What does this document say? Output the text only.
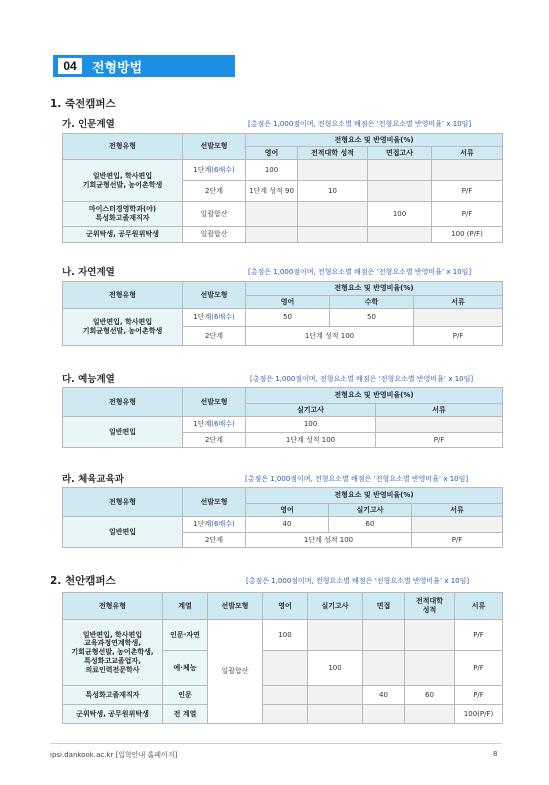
04	전형방법
1. 죽전캠퍼스
가. 인문계열	[총점은 1,000점이며, 전형요소별 배점은 ‘전형요소별 반영비율’ x 10임]
전형유형	선발모형	전형요소 및 반영비율(%)			
		영어	전적대학 성적	면접고사	서류
일반편입, 학사편입
기회균형선발, 농어촌학생	1단계(6배수)	100			
	2단계	1단계 성적 90	10		P/F
마이스터경영학과(야)
특성화고졸재직자	일괄합산			100	P/F
군위탁생, 공무원위탁생	일괄합산				100 (P/F)
나. 자연계열	[총점은 1,000점이며, 전형요소별 배점은 ‘전형요소별 반영비율’ x 10임]
전형유형	선발모형	전형요소 및 반영비율(%)		
		영어	수학	서류
일반편입, 학사편입
기회균형선발, 농어촌학생	1단계(6배수)	50	50	
	2단계	1단계 성적 100		P/F
다. 예능계열	[총점은 1,000점이며, 전형요소별 배점은 ‘전형요소별 반영비율’ x 10임]
전형유형	선발모형	전형요소 및 반영비율(%)	
		실기고사	서류
일반편입	1단계(6배수)	100	
	2단계	1단계 성적 100	P/F
라. 체육교육과	[총점은 1,000점이며, 전형요소별 배점은 ‘전형요소별 반영비율’ x 10임]
전형유형	선발모형	전형요소 및 반영비율(%)		
		영어	실기고사	서류
일반편입	1단계(6배수)	40	60	
	2단계	1단계 성적 100		P/F
2. 천안캠퍼스	[총점은 1,000점이며, 전형요소별 배점은 ‘전형요소별 반영비율’ x 10임]
전형유형	계열	선발모형	영어	실기고사	면접	전적대학
성적	서류
일반편입, 학사편입
교육과정연계학생,
기회균형선발, 농어촌학생,
특성화고교졸업자,
의료인력전문학사	인문·자연	일괄합산	100				P/F
	예·체능			100			P/F
특성화고졸재직자	인문				40	60	P/F
군위탁생, 공무원위탁생	전 계열						100(P/F)
ipsi.dankook.ac.kr [입학안내 홈페이지]	8
